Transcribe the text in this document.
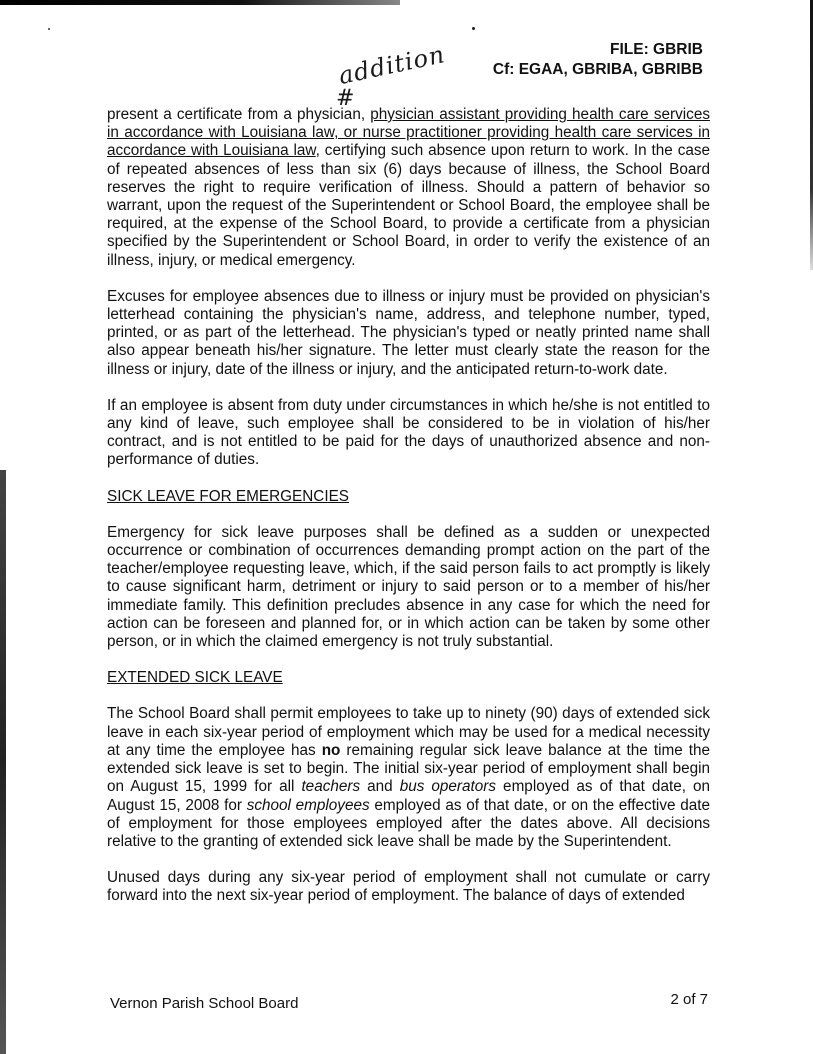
FILE: GBRIB
Cf: EGAA, GBRIBA, GBRIBB
addition
#

present a certificate from a physician, physician assistant providing health care services in accordance with Louisiana law, or nurse practitioner providing health care services in accordance with Louisiana law, certifying such absence upon return to work. In the case of repeated absences of less than six (6) days because of illness, the School Board reserves the right to require verification of illness. Should a pattern of behavior so warrant, upon the request of the Superintendent or School Board, the employee shall be required, at the expense of the School Board, to provide a certificate from a physician specified by the Superintendent or School Board, in order to verify the existence of an illness, injury, or medical emergency.

Excuses for employee absences due to illness or injury must be provided on physician's letterhead containing the physician's name, address, and telephone number, typed, printed, or as part of the letterhead. The physician's typed or neatly printed name shall also appear beneath his/her signature. The letter must clearly state the reason for the illness or injury, date of the illness or injury, and the anticipated return-to-work date.

If an employee is absent from duty under circumstances in which he/she is not entitled to any kind of leave, such employee shall be considered to be in violation of his/her contract, and is not entitled to be paid for the days of unauthorized absence and non-performance of duties.

SICK LEAVE FOR EMERGENCIES

Emergency for sick leave purposes shall be defined as a sudden or unexpected occurrence or combination of occurrences demanding prompt action on the part of the teacher/employee requesting leave, which, if the said person fails to act promptly is likely to cause significant harm, detriment or injury to said person or to a member of his/her immediate family. This definition precludes absence in any case for which the need for action can be foreseen and planned for, or in which action can be taken by some other person, or in which the claimed emergency is not truly substantial.

EXTENDED SICK LEAVE

The School Board shall permit employees to take up to ninety (90) days of extended sick leave in each six-year period of employment which may be used for a medical necessity at any time the employee has no remaining regular sick leave balance at the time the extended sick leave is set to begin. The initial six-year period of employment shall begin on August 15, 1999 for all teachers and bus operators employed as of that date, on August 15, 2008 for school employees employed as of that date, or on the effective date of employment for those employees employed after the dates above. All decisions relative to the granting of extended sick leave shall be made by the Superintendent.

Unused days during any six-year period of employment shall not cumulate or carry forward into the next six-year period of employment. The balance of days of extended

Vernon Parish School Board	2 of 7
